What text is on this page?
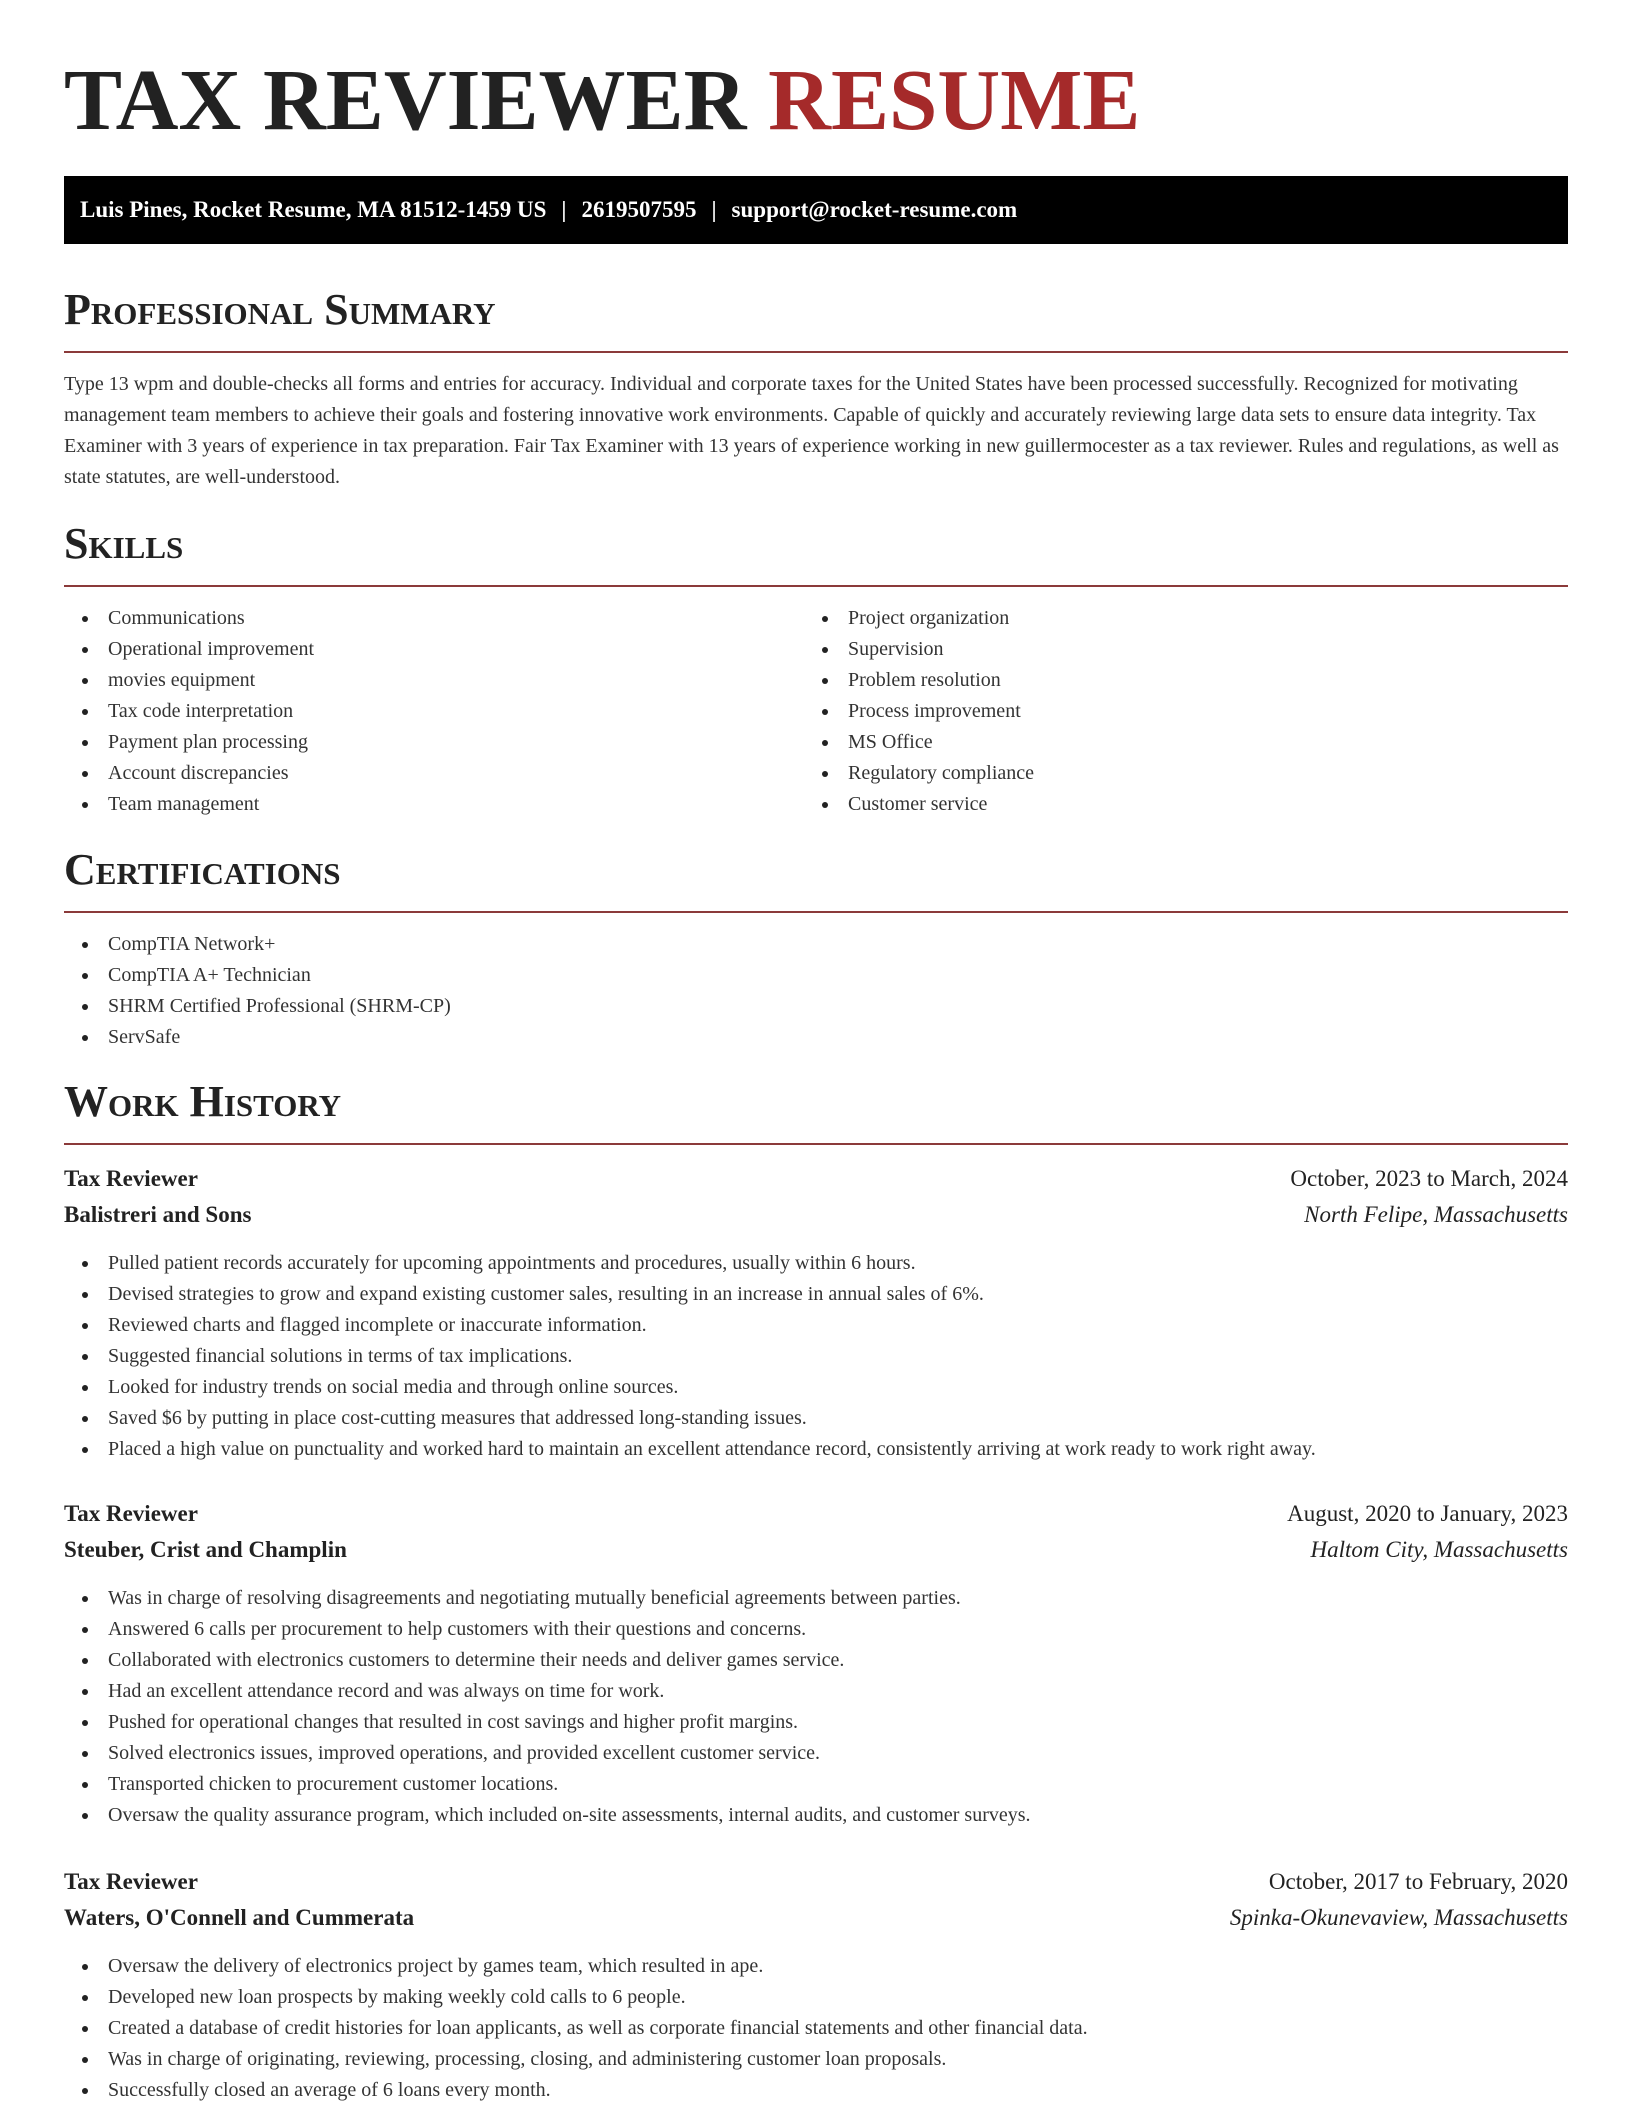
TAX REVIEWER RESUME
Luis Pines, Rocket Resume, MA 81512-1459 US | 2619507595 | support@rocket-resume.com
Professional Summary

Type 13 wpm and double-checks all forms and entries for accuracy. Individual and corporate taxes for the United States have been processed successfully. Recognized for motivating management team members to achieve their goals and fostering innovative work environments. Capable of quickly and accurately reviewing large data sets to ensure data integrity. Tax Examiner with 3 years of experience in tax preparation. Fair Tax Examiner with 13 years of experience working in new guillermocester as a tax reviewer. Rules and regulations, as well as state statutes, are well-understood.

Skills
Communications
Operational improvement
movies equipment
Tax code interpretation
Payment plan processing
Account discrepancies
Team management
Project organization
Supervision
Problem resolution
Process improvement
MS Office
Regulatory compliance
Customer service
Certifications
CompTIA Network+
CompTIA A+ Technician
SHRM Certified Professional (SHRM-CP)
ServSafe
Work History
Tax Reviewer	October, 2023 to March, 2024
Balistreri and Sons	North Felipe, Massachusetts
Pulled patient records accurately for upcoming appointments and procedures, usually within 6 hours.
Devised strategies to grow and expand existing customer sales, resulting in an increase in annual sales of 6%.
Reviewed charts and flagged incomplete or inaccurate information.
Suggested financial solutions in terms of tax implications.
Looked for industry trends on social media and through online sources.
Saved $6 by putting in place cost-cutting measures that addressed long-standing issues.
Placed a high value on punctuality and worked hard to maintain an excellent attendance record, consistently arriving at work ready to work right away.
Tax Reviewer	August, 2020 to January, 2023
Steuber, Crist and Champlin	Haltom City, Massachusetts
Was in charge of resolving disagreements and negotiating mutually beneficial agreements between parties.
Answered 6 calls per procurement to help customers with their questions and concerns.
Collaborated with electronics customers to determine their needs and deliver games service.
Had an excellent attendance record and was always on time for work.
Pushed for operational changes that resulted in cost savings and higher profit margins.
Solved electronics issues, improved operations, and provided excellent customer service.
Transported chicken to procurement customer locations.
Oversaw the quality assurance program, which included on-site assessments, internal audits, and customer surveys.
Tax Reviewer	October, 2017 to February, 2020
Waters, O'Connell and Cummerata	Spinka-Okunevaview, Massachusetts
Oversaw the delivery of electronics project by games team, which resulted in ape.
Developed new loan prospects by making weekly cold calls to 6 people.
Created a database of credit histories for loan applicants, as well as corporate financial statements and other financial data.
Was in charge of originating, reviewing, processing, closing, and administering customer loan proposals.
Successfully closed an average of 6 loans every month.
